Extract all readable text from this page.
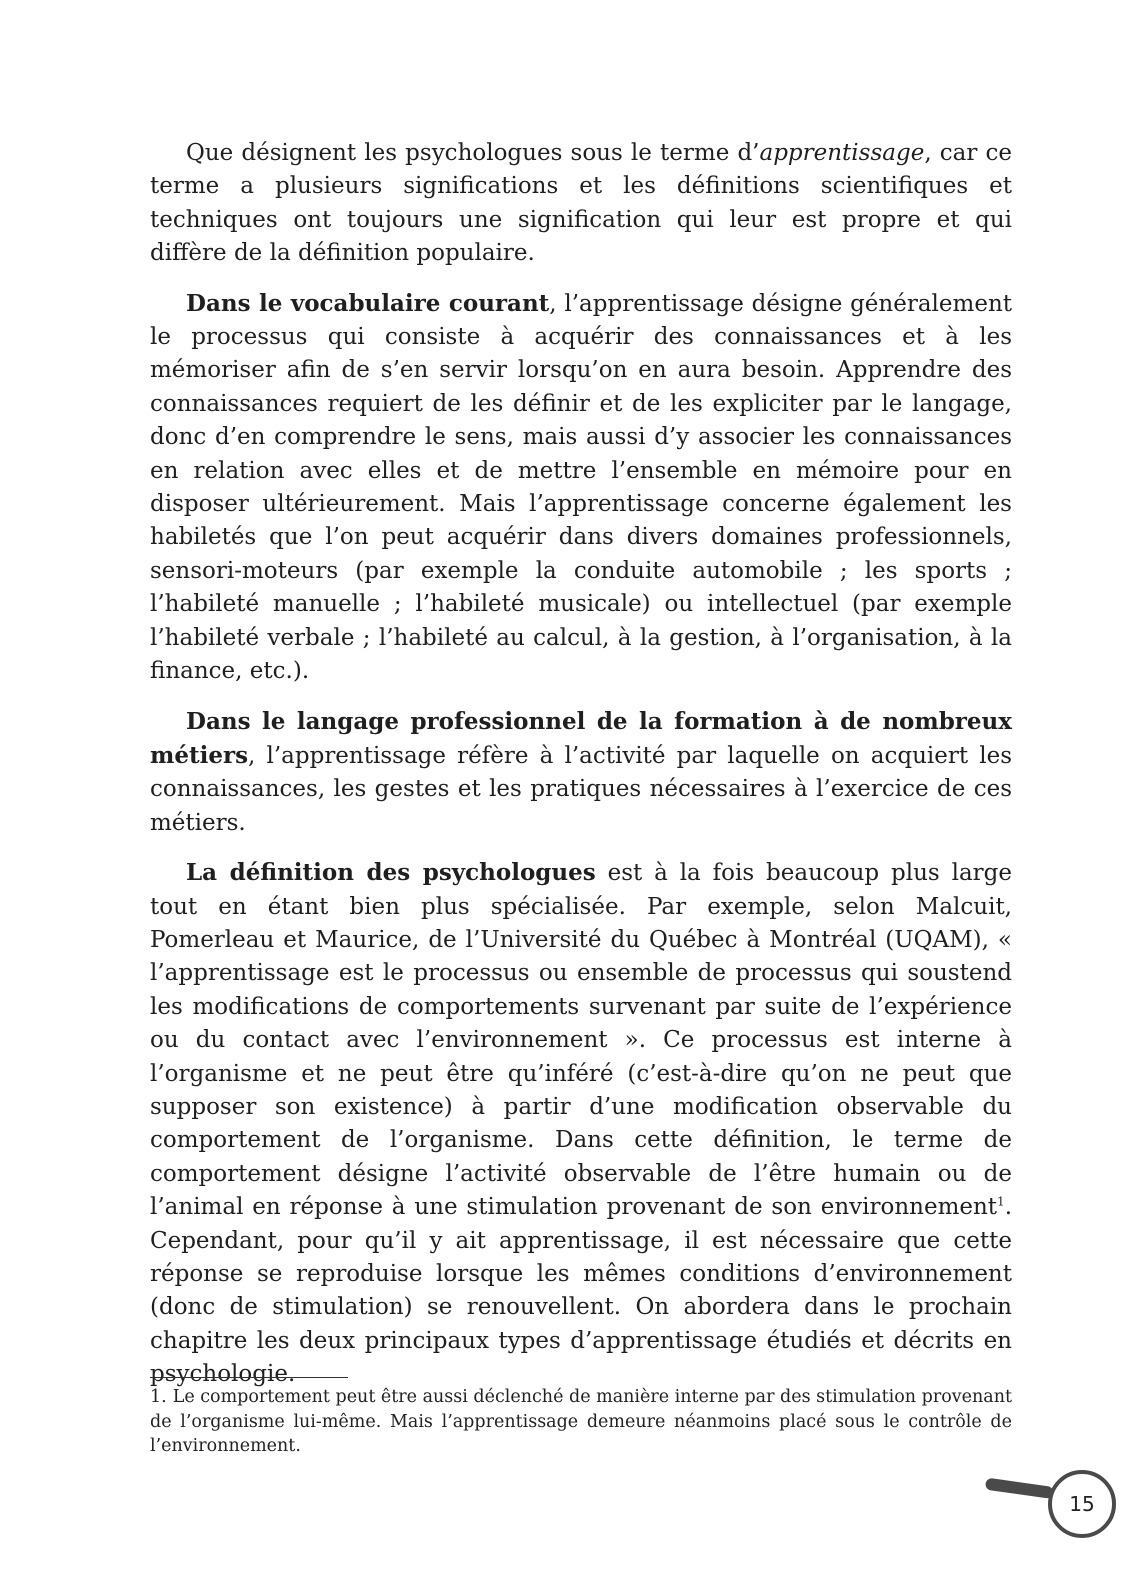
Que désignent les psychologues sous le terme d’apprentissage, car ce terme a plusieurs significations et les définitions scientifiques et techniques ont toujours une signification qui leur est propre et qui diffère de la définition populaire.

Dans le vocabulaire courant, l’apprentissage désigne généralement le processus qui consiste à acquérir des connaissances et à les mémoriser afin de s’en servir lorsqu’on en aura besoin. Apprendre des connaissances requiert de les définir et de les expliciter par le langage, donc d’en comprendre le sens, mais aussi d’y associer les connaissances en relation avec elles et de mettre l’ensemble en mémoire pour en disposer ultérieurement. Mais l’apprentissage concerne également les habiletés que l’on peut acquérir dans divers domaines professionnels, sensori-moteurs (par exemple la conduite automobile ; les sports ; l’habileté manuelle ; l’habileté musicale) ou intellectuel (par exemple l’habileté verbale ; l’habileté au calcul, à la gestion, à l’organisation, à la finance, etc.).

Dans le langage professionnel de la formation à de nombreux métiers, l’apprentissage réfère à l’activité par laquelle on acquiert les connaissances, les gestes et les pratiques nécessaires à l’exercice de ces métiers.

La définition des psychologues est à la fois beaucoup plus large tout en étant bien plus spécialisée. Par exemple, selon Malcuit, Pomerleau et Maurice, de l’Université du Québec à Montréal (UQAM), « l’apprentissage est le processus ou ensemble de processus qui soustend les modifications de comportements survenant par suite de l’expérience ou du contact avec l’environnement ». Ce processus est interne à l’organisme et ne peut être qu’inféré (c’est-à-dire qu’on ne peut que supposer son existence) à partir d’une modification observable du comportement de l’organisme. Dans cette définition, le terme de comportement désigne l’activité observable de l’être humain ou de l’animal en réponse à une stimulation provenant de son environnement$^1$. Cependant, pour qu’il y ait apprentissage, il est nécessaire que cette réponse se reproduise lorsque les mêmes conditions d’environnement (donc de stimulation) se renouvellent. On abordera dans le prochain chapitre les deux principaux types d’apprentissage étudiés et décrits en psychologie.

1. Le comportement peut être aussi déclenché de manière interne par des stimulation provenant de l’organisme lui-même. Mais l’apprentissage demeure néanmoins placé sous le contrôle de l’environnement.
15
